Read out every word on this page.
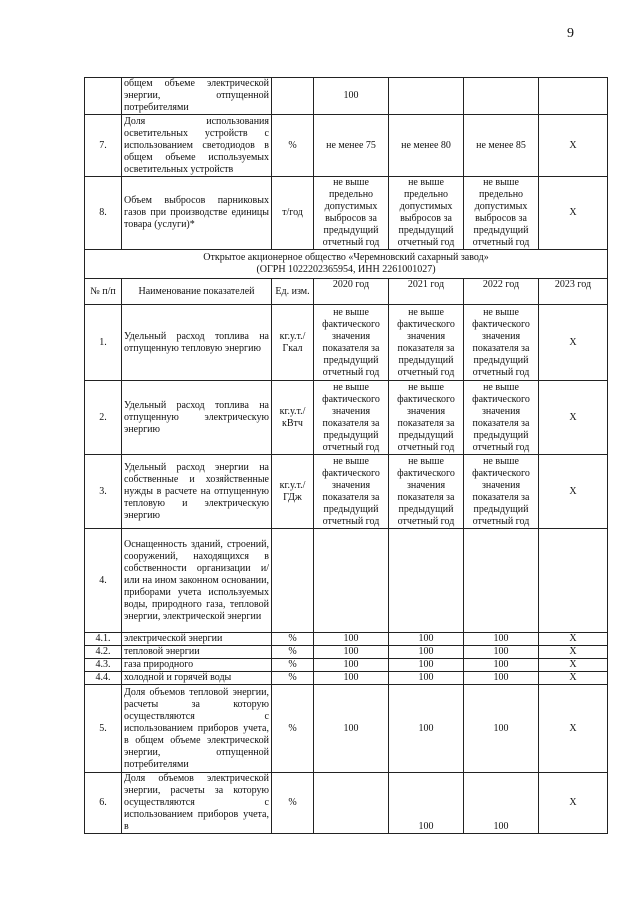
9
	общем объеме электрической энергии, отпущенной потребителями		100			
7.	Доля использования осветительных устройств с использованием светодиодов в общем объеме используемых осветительных устройств	%	не менее 75	не менее 80	не менее 85	X
8.	Объем выбросов парниковых газов при производстве единицы товара (услуги)*	т/год	не выше предельно допустимых выбросов за предыдущий отчетный год	не выше предельно допустимых выбросов за предыдущий отчетный год	не выше предельно допустимых выбросов за предыдущий отчетный год	X

Открытое акционерное общество «Черемновский сахарный завод»
(ОГРН 1022202365954, ИНН 2261001027)						

№ п/п	Наименование показателей	Ед. изм.	2020 год	2021 год	2022 год	2023 год
1.	Удельный расход топлива на отпущенную тепловую энергию	кг.у.т./ Гкал	не выше фактического значения показателя за предыдущий отчетный год	не выше фактического значения показателя за предыдущий отчетный год	не выше фактического значения показателя за предыдущий отчетный год	X
2.	Удельный расход топлива на отпущенную электрическую энергию	кг.у.т./ кВтч	не выше фактического значения показателя за предыдущий отчетный год	не выше фактического значения показателя за предыдущий отчетный год	не выше фактического значения показателя за предыдущий отчетный год	X
3.	Удельный расход энергии на собственные и хозяйственные нужды в расчете на отпущенную тепловую и электрическую энергию	кг.у.т./ ГДж	не выше фактического значения показателя за предыдущий отчетный год	не выше фактического значения показателя за предыдущий отчетный год	не выше фактического значения показателя за предыдущий отчетный год	X
4.	Оснащенность зданий, строений, сооружений, находящихся в собственности организации и/или на ином законном основании, приборами учета используемых воды, природного газа, тепловой энергии, электрической энергии					
4.1.	электрической энергии	%	100	100	100	X
4.2.	тепловой энергии	%	100	100	100	X
4.3.	газа природного	%	100	100	100	X
4.4.	холодной и горячей воды	%	100	100	100	X
5.	Доля объемов тепловой энергии, расчеты за которую осуществляются с использованием приборов учета, в общем объеме электрической энергии, отпущенной потребителями	%	100	100	100	X
6.	Доля объемов электрической энергии, расчеты за которую осуществляются с использованием приборов учета, в	%		100	100	X
